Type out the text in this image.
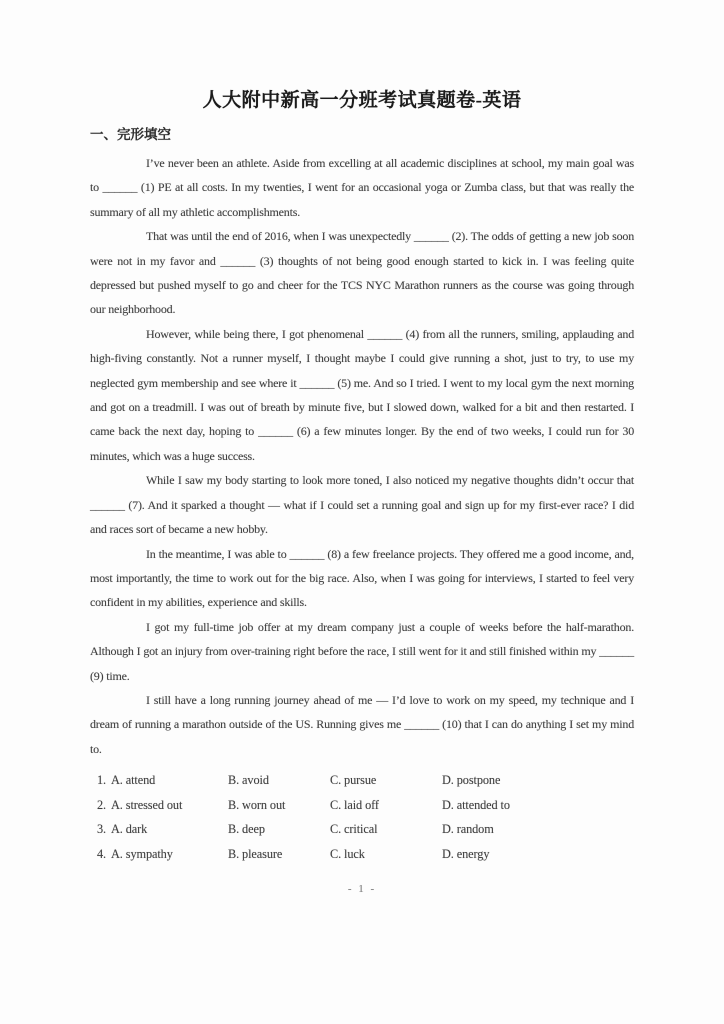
人大附中新高一分班考试真题卷-英语
一、完形填空

I’ve never been an athlete. Aside from excelling at all academic disciplines at school, my main goal was to ______ (1) PE at all costs. In my twenties, I went for an occasional yoga or Zumba class, but that was really the summary of all my athletic accomplishments.

That was until the end of 2016, when I was unexpectedly ______ (2). The odds of getting a new job soon were not in my favor and ______ (3) thoughts of not being good enough started to kick in. I was feeling quite depressed but pushed myself to go and cheer for the TCS NYC Marathon runners as the course was going through our neighborhood.

However, while being there, I got phenomenal ______ (4) from all the runners, smiling, applauding and high-fiving constantly. Not a runner myself, I thought maybe I could give running a shot, just to try, to use my neglected gym membership and see where it ______ (5) me. And so I tried. I went to my local gym the next morning and got on a treadmill. I was out of breath by minute five, but I slowed down, walked for a bit and then restarted. I came back the next day, hoping to ______ (6) a few minutes longer. By the end of two weeks, I could run for 30 minutes, which was a huge success.

While I saw my body starting to look more toned, I also noticed my negative thoughts didn’t occur that ______ (7). And it sparked a thought — what if I could set a running goal and sign up for my first-ever race? I did and races sort of became a new hobby.

In the meantime, I was able to ______ (8) a few freelance projects. They offered me a good income, and, most importantly, the time to work out for the big race. Also, when I was going for interviews, I started to feel very confident in my abilities, experience and skills.

I got my full-time job offer at my dream company just a couple of weeks before the half-marathon. Although I got an injury from over-training right before the race, I still went for it and still finished within my ______ (9) time.

I still have a long running journey ahead of me — I’d love to work on my speed, my technique and I dream of running a marathon outside of the US. Running gives me ______ (10) that I can do anything I set my mind to.

1. A. attend	B. avoid	C. pursue	D. postpone
2. A. stressed out	B. worn out	C. laid off	D. attended to
3. A. dark	B. deep	C. critical	D. random
4. A. sympathy	B. pleasure	C. luck	D. energy
- 1 -
